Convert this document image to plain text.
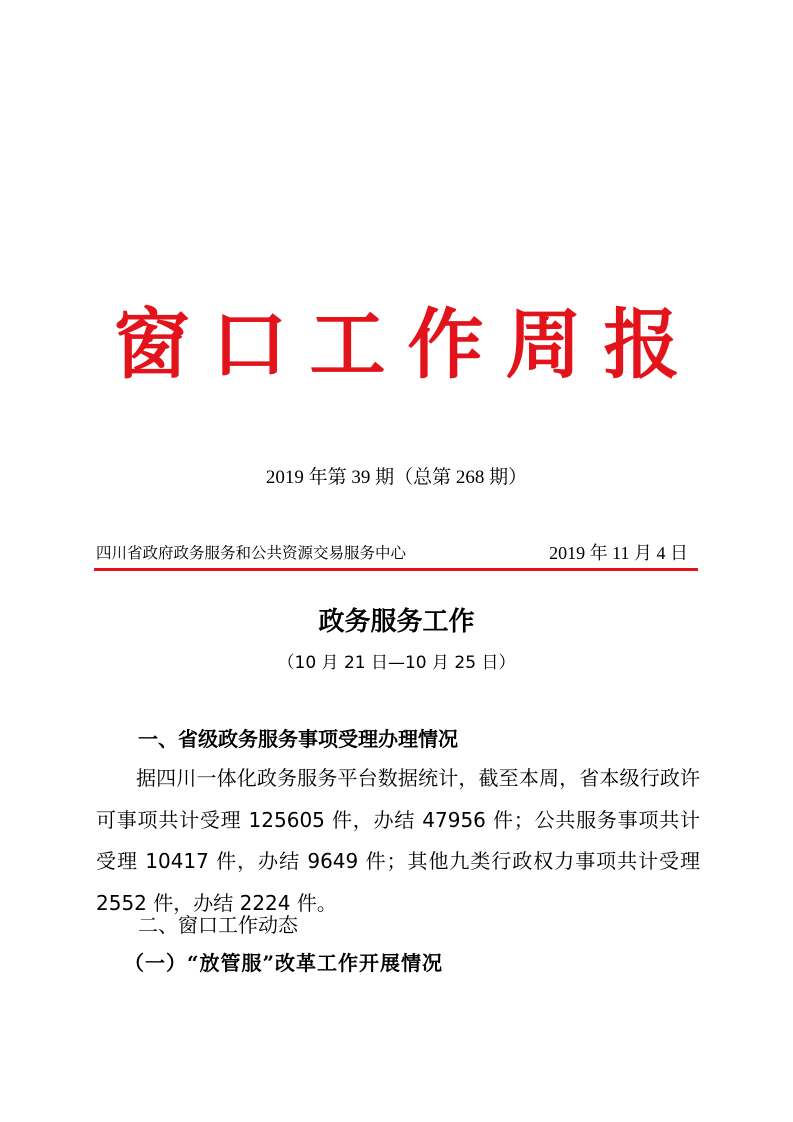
窗口工作周报
2019 年第 39 期（总第 268 期）
四川省政府政务服务和公共资源交易服务中心	2019 年 11 月 4 日
政务服务工作
（10 月 21 日—10 月 25 日）
一、省级政务服务事项受理办理情况

据四川一体化政务服务平台数据统计，截至本周，省本级行政许可事项共计受理 125605 件，办结 47956 件；公共服务事项共计受理 10417 件，办结 9649 件；其他九类行政权力事项共计受理 2552 件，办结 2224 件。

二、窗口工作动态
（一）“放管服”改革工作开展情况
